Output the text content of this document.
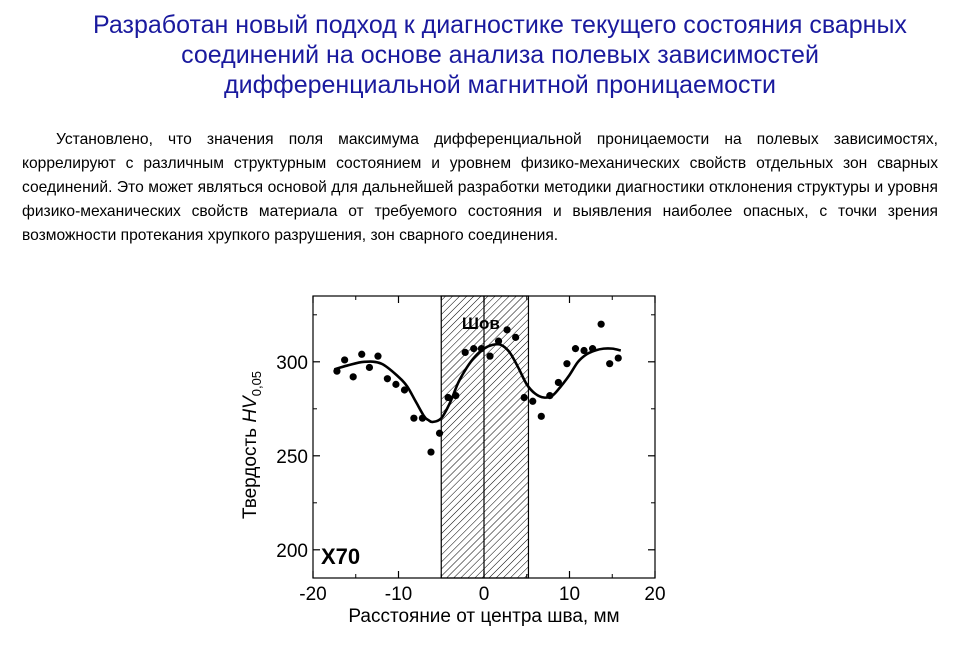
Разработан новый подход к диагностике текущего состояния сварных
соединений на основе анализа полевых зависимостей
дифференциальной магнитной проницаемости
Установлено, что значения поля максимума дифференциальной проницаемости на полевых зависимостях, коррелируют с различным структурным состоянием и уровнем физико-механических свойств отдельных зон сварных соединений. Это может являться основой для дальнейшей разработки методики диагностики отклонения структуры и уровня физико-механических свойств материала от требуемого состояния и выявления наиболее опасных, с точки зрения возможности протекания хрупкого разрушения, зон сварного соединения.
-20	-10	0	10	20
200
250
300
Шов
Х70
Расстояние от центра шва, мм
Твердость $HV_{0,05}$
